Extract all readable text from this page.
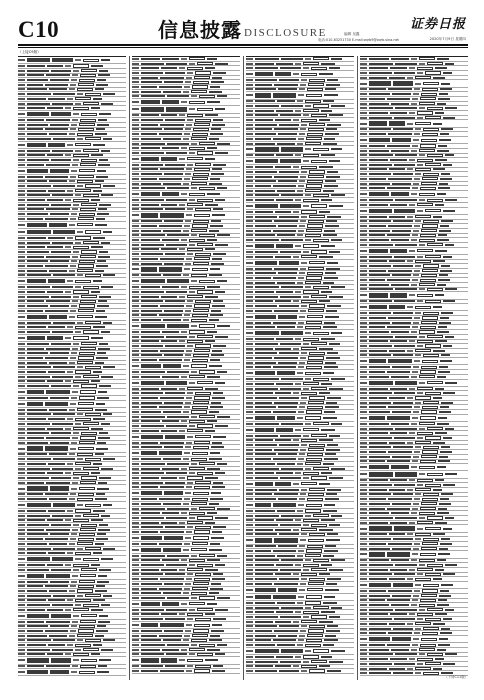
C10	信息披露 DISCLOSURE	编辑 吴鑫
电话:010-83251730 E-mail:zqrb9@zqrb.sina.net
证券日报
2020年7月9日 星期四
（上接C9版）
（下转C11版）
